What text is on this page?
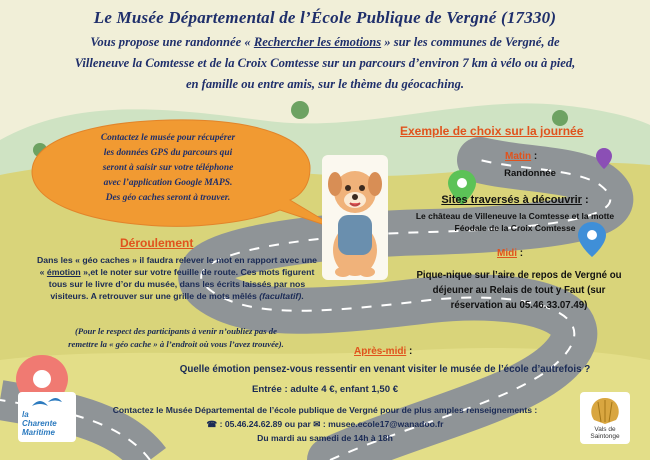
Le Musée Départemental de l’École Publique de Vergné (17330)
Vous propose une randonnée « Rechercher les émotions » sur les communes de Vergné, de
Villeneuve la Comtesse et de la Croix Comtesse sur un parcours d’environ 7 km à vélo ou à pied,
en famille ou entre amis, sur le thème du géocaching.
Contactez le musée pour récupérer
les données GPS du parcours qui
seront à saisir sur votre téléphone
avec l’application Google MAPS.
Des géo caches seront à trouver.
Déroulement
Dans les « géo caches » il faudra relever le mot en rapport avec une « émotion »,et le noter sur votre feuille de route. Ces mots figurent tous sur le livre d’or du musée, dans les écrits laissés par nos visiteurs. A retrouver sur une grille de mots mêlés (facultatif).
(Pour le respect des participants à venir n’oubliez pas de
remettre la « géo cache » à l’endroit où vous l’avez trouvée).
Exemple de choix sur la journée
Matin :
Randonnée
Sites traversés à découvrir :
Le château de Villeneuve la Comtesse et la motte
Féodale de la Croix Comtesse
Midi :
Pique-nique sur l’aire de repos de Vergné ou
déjeuner au Relais de tout y Faut (sur
réservation au 05.46.33.07.49)
Après-midi :
Quelle émotion pensez-vous ressentir en venant visiter le musée de l’école d’autrefois ?
Entrée : adulte 4 €, enfant 1,50 €
Contactez le Musée Départemental de l’école publique de Vergné pour de plus amples renseignements :
☎ : 05.46.24.62.89 ou par ✉ : musee.ecole17@wanadoo.fr
Du mardi au samedi de 14h à 18h
la
Charente
Maritime	Vals de
Saintonge
